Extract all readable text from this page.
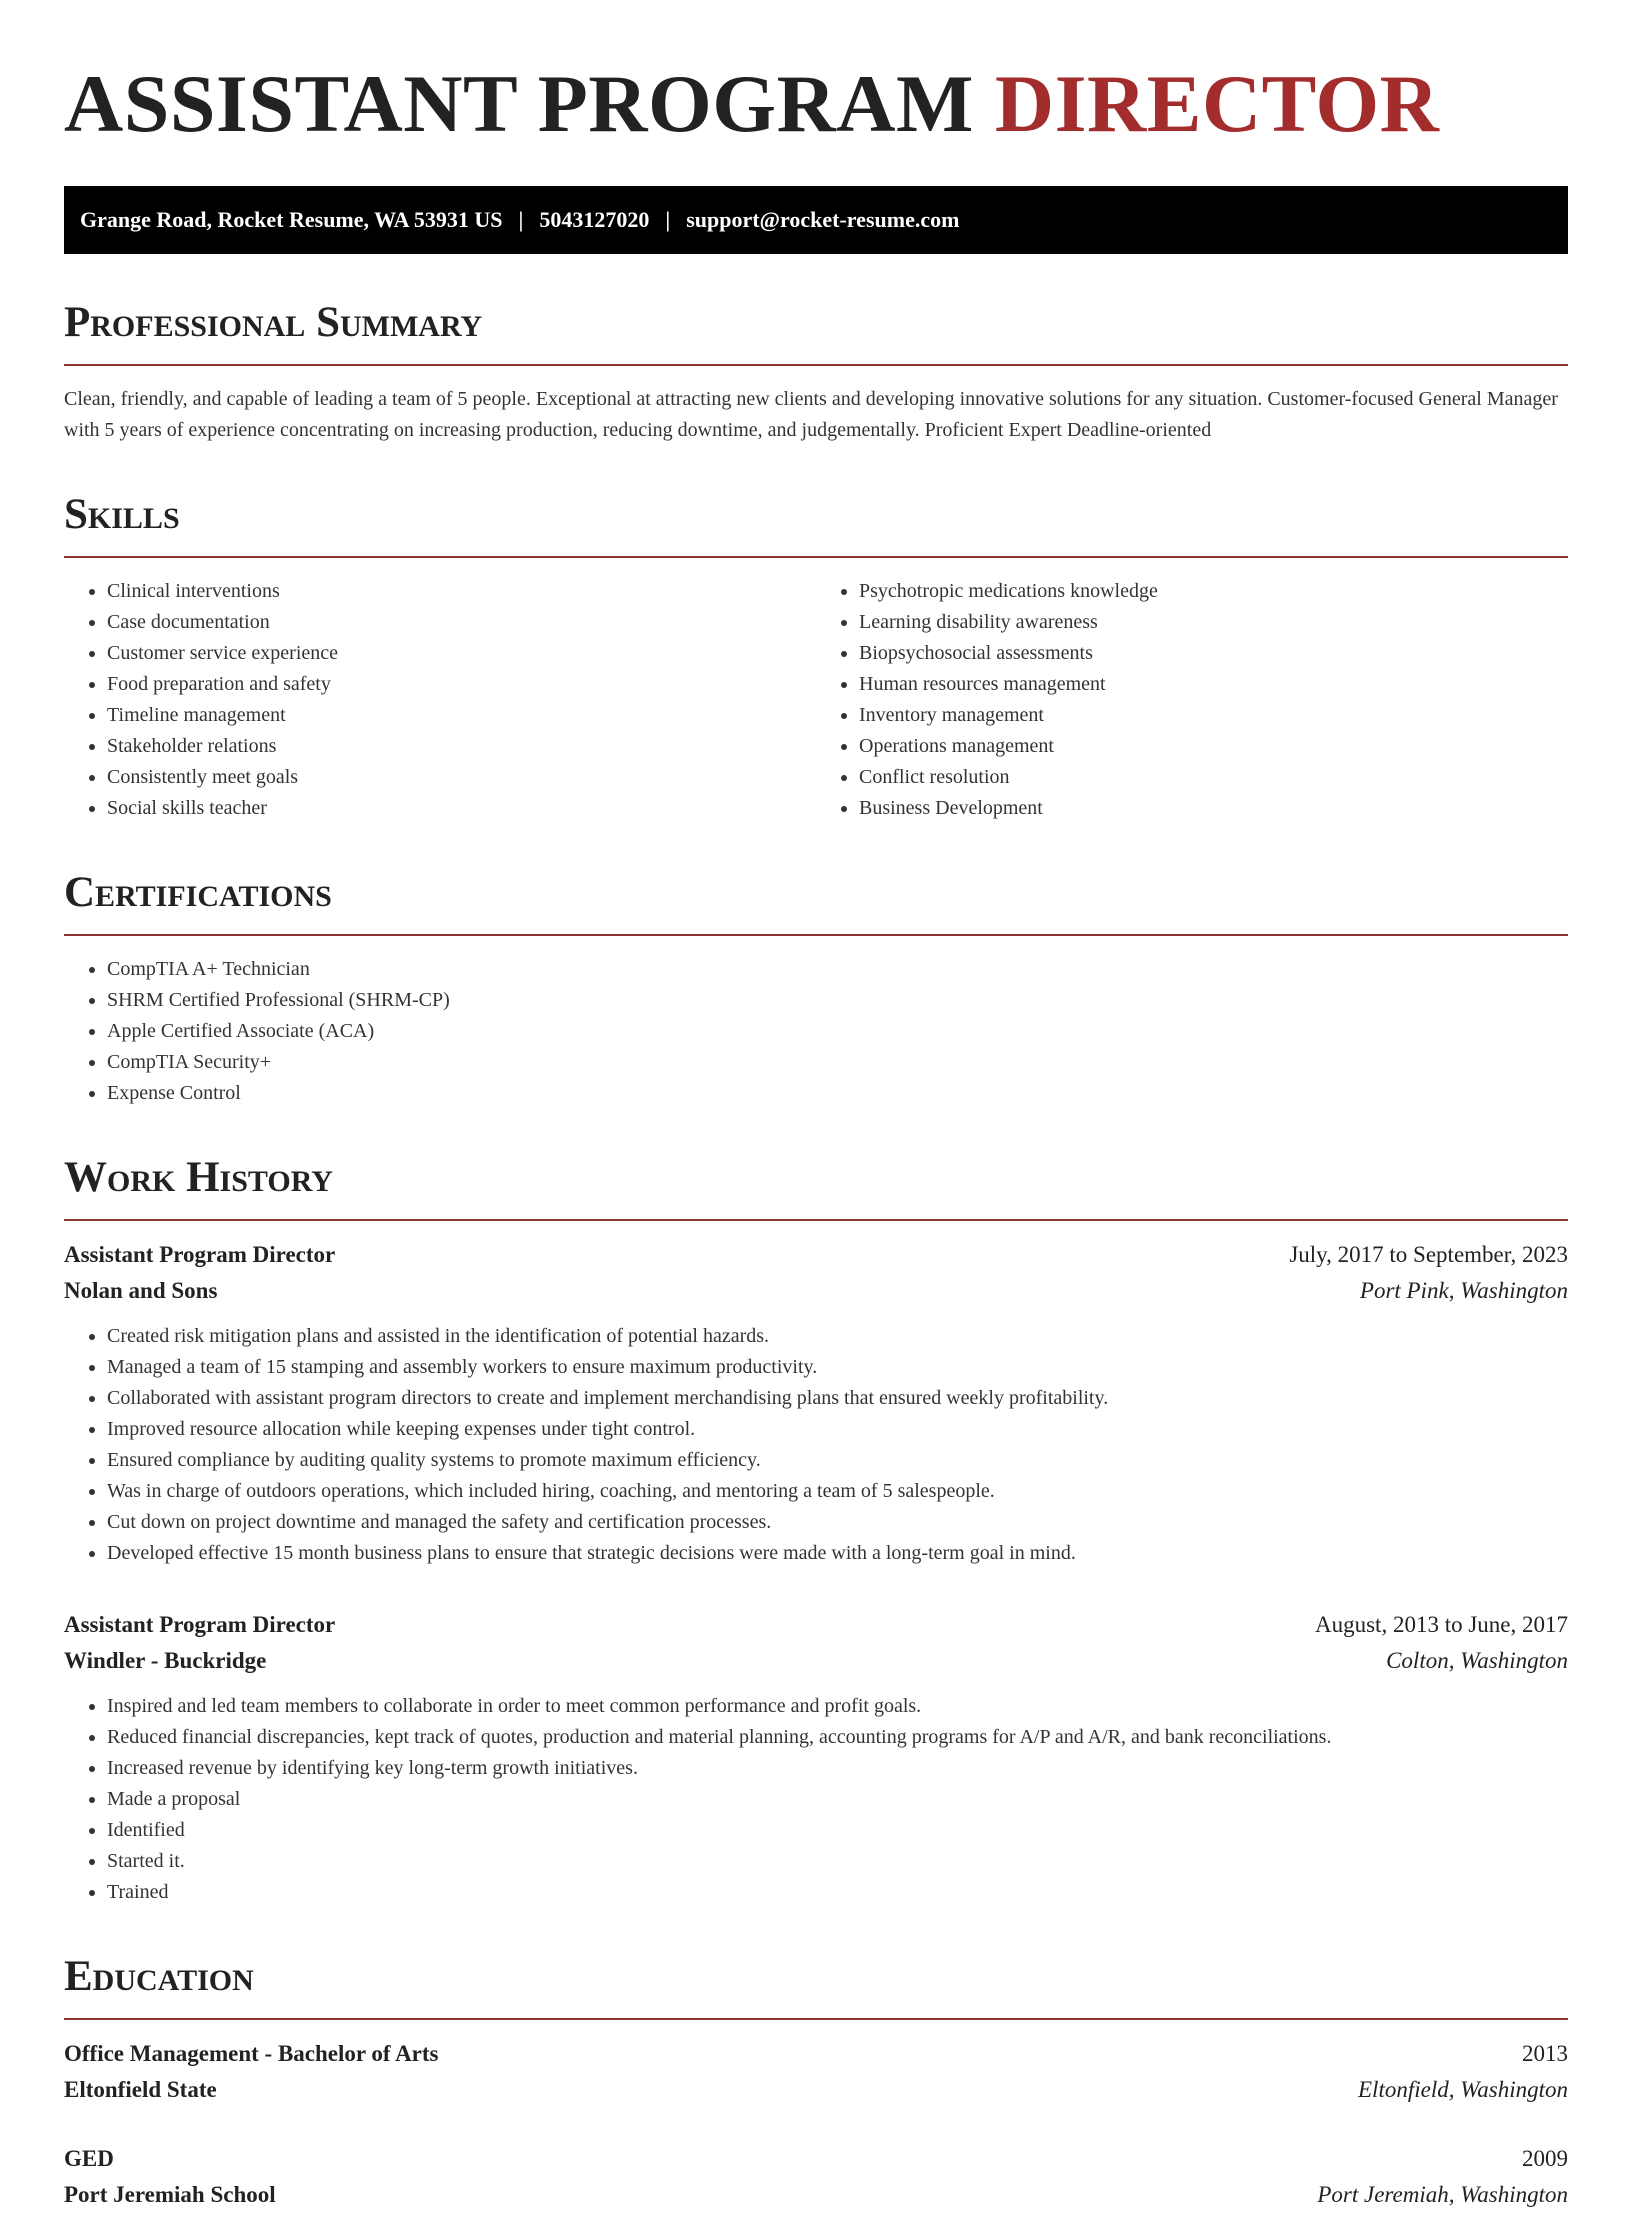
ASSISTANT PROGRAM DIRECTOR
Grange Road, Rocket Resume, WA 53931 US | 5043127020 | support@rocket-resume.com
Professional Summary

Clean, friendly, and capable of leading a team of 5 people. Exceptional at attracting new clients and developing innovative solutions for any situation. Customer-focused General Manager with 5 years of experience concentrating on increasing production, reducing downtime, and judgementally. Proficient Expert Deadline-oriented

Skills
• Clinical interventions
• Case documentation
• Customer service experience
• Food preparation and safety
• Timeline management
• Stakeholder relations
• Consistently meet goals
• Social skills teacher
• Psychotropic medications knowledge
• Learning disability awareness
• Biopsychosocial assessments
• Human resources management
• Inventory management
• Operations management
• Conflict resolution
• Business Development
Certifications
• CompTIA A+ Technician
• SHRM Certified Professional (SHRM-CP)
• Apple Certified Associate (ACA)
• CompTIA Security+
• Expense Control
Work History
Assistant Program Director	July, 2017 to September, 2023
Nolan and Sons	Port Pink, Washington
• Created risk mitigation plans and assisted in the identification of potential hazards.
• Managed a team of 15 stamping and assembly workers to ensure maximum productivity.
• Collaborated with assistant program directors to create and implement merchandising plans that ensured weekly profitability.
• Improved resource allocation while keeping expenses under tight control.
• Ensured compliance by auditing quality systems to promote maximum efficiency.
• Was in charge of outdoors operations, which included hiring, coaching, and mentoring a team of 5 salespeople.
• Cut down on project downtime and managed the safety and certification processes.
• Developed effective 15 month business plans to ensure that strategic decisions were made with a long-term goal in mind.
Assistant Program Director	August, 2013 to June, 2017
Windler - Buckridge	Colton, Washington
• Inspired and led team members to collaborate in order to meet common performance and profit goals.
• Reduced financial discrepancies, kept track of quotes, production and material planning, accounting programs for A/P and A/R, and bank reconciliations.
• Increased revenue by identifying key long-term growth initiatives.
• Made a proposal
• Identified
• Started it.
• Trained
Education
Office Management - Bachelor of Arts	2013
Eltonfield State	Eltonfield, Washington
GED	2009
Port Jeremiah School	Port Jeremiah, Washington
